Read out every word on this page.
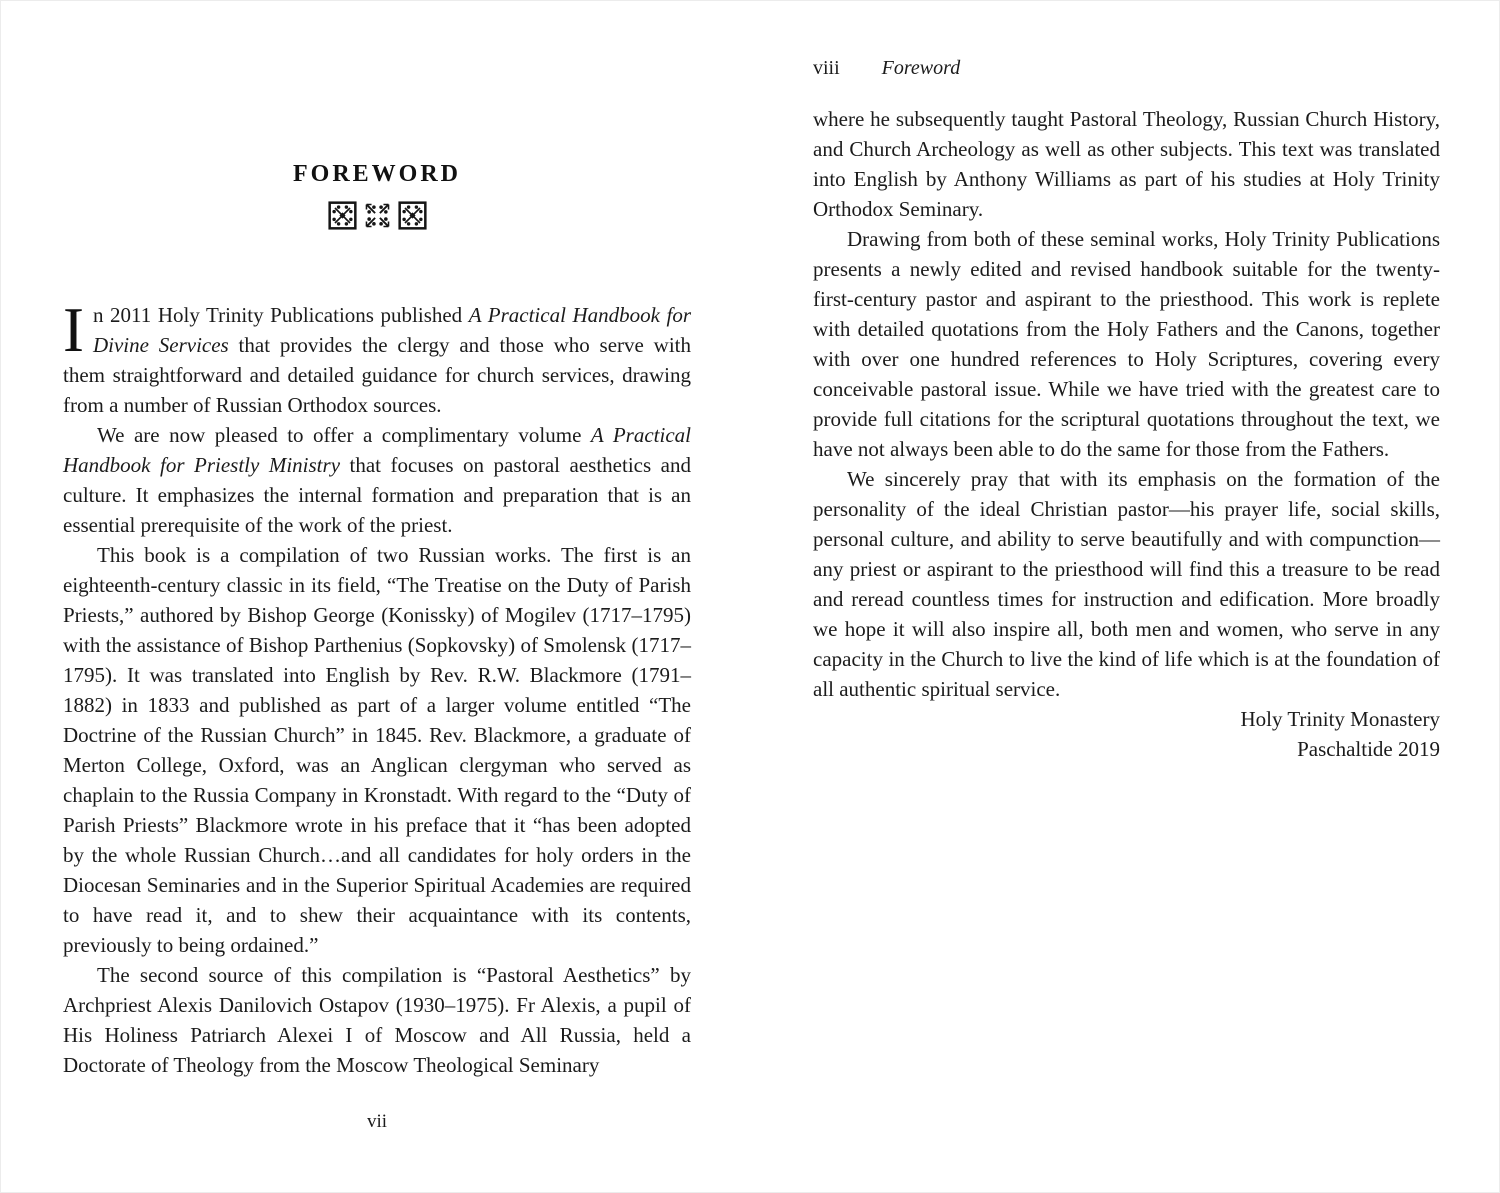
FOREWORD

In 2011 Holy Trinity Publications published A Practical Handbook for Divine Services that provides the clergy and those who serve with them straightforward and detailed guidance for church services, drawing from a number of Russian Orthodox sources.

We are now pleased to offer a complimentary volume A Practical Handbook for Priestly Ministry that focuses on pastoral aesthetics and culture. It emphasizes the internal formation and preparation that is an essential prerequisite of the work of the priest.

This book is a compilation of two Russian works. The first is an eighteenth-century classic in its field, “The Treatise on the Duty of Parish Priests,” authored by Bishop George (Konissky) of Mogilev (1717–1795) with the assistance of Bishop Parthenius (Sopkovsky) of Smolensk (1717–1795). It was translated into English by Rev. R.W. Blackmore (1791–1882) in 1833 and published as part of a larger volume entitled “The Doctrine of the Russian Church” in 1845. Rev. Blackmore, a graduate of Merton College, Oxford, was an Anglican clergyman who served as chaplain to the Russia Company in Kronstadt. With regard to the “Duty of Parish Priests” Blackmore wrote in his preface that it “has been adopted by the whole Russian Church…and all candidates for holy orders in the Diocesan Seminaries and in the Superior Spiritual Academies are required to have read it, and to shew their acquaintance with its contents, previously to being ordained.”

The second source of this compilation is “Pastoral Aesthetics” by Archpriest Alexis Danilovich Ostapov (1930–1975). Fr Alexis, a pupil of His Holiness Patriarch Alexei I of Moscow and All Russia, held a Doctorate of Theology from the Moscow Theological Seminary

vii
viii Foreword

where he subsequently taught Pastoral Theology, Russian Church History, and Church Archeology as well as other subjects. This text was translated into English by Anthony Williams as part of his studies at Holy Trinity Orthodox Seminary.

Drawing from both of these seminal works, Holy Trinity Publications presents a newly edited and revised handbook suitable for the twenty-first-century pastor and aspirant to the priesthood. This work is replete with detailed quotations from the Holy Fathers and the Canons, together with over one hundred references to Holy Scriptures, covering every conceivable pastoral issue. While we have tried with the greatest care to provide full citations for the scriptural quotations throughout the text, we have not always been able to do the same for those from the Fathers.

We sincerely pray that with its emphasis on the formation of the personality of the ideal Christian pastor—his prayer life, social skills, personal culture, and ability to serve beautifully and with compunction—any priest or aspirant to the priesthood will find this a treasure to be read and reread countless times for instruction and edification. More broadly we hope it will also inspire all, both men and women, who serve in any capacity in the Church to live the kind of life which is at the foundation of all authentic spiritual service.

Holy Trinity Monastery
Paschaltide 2019
